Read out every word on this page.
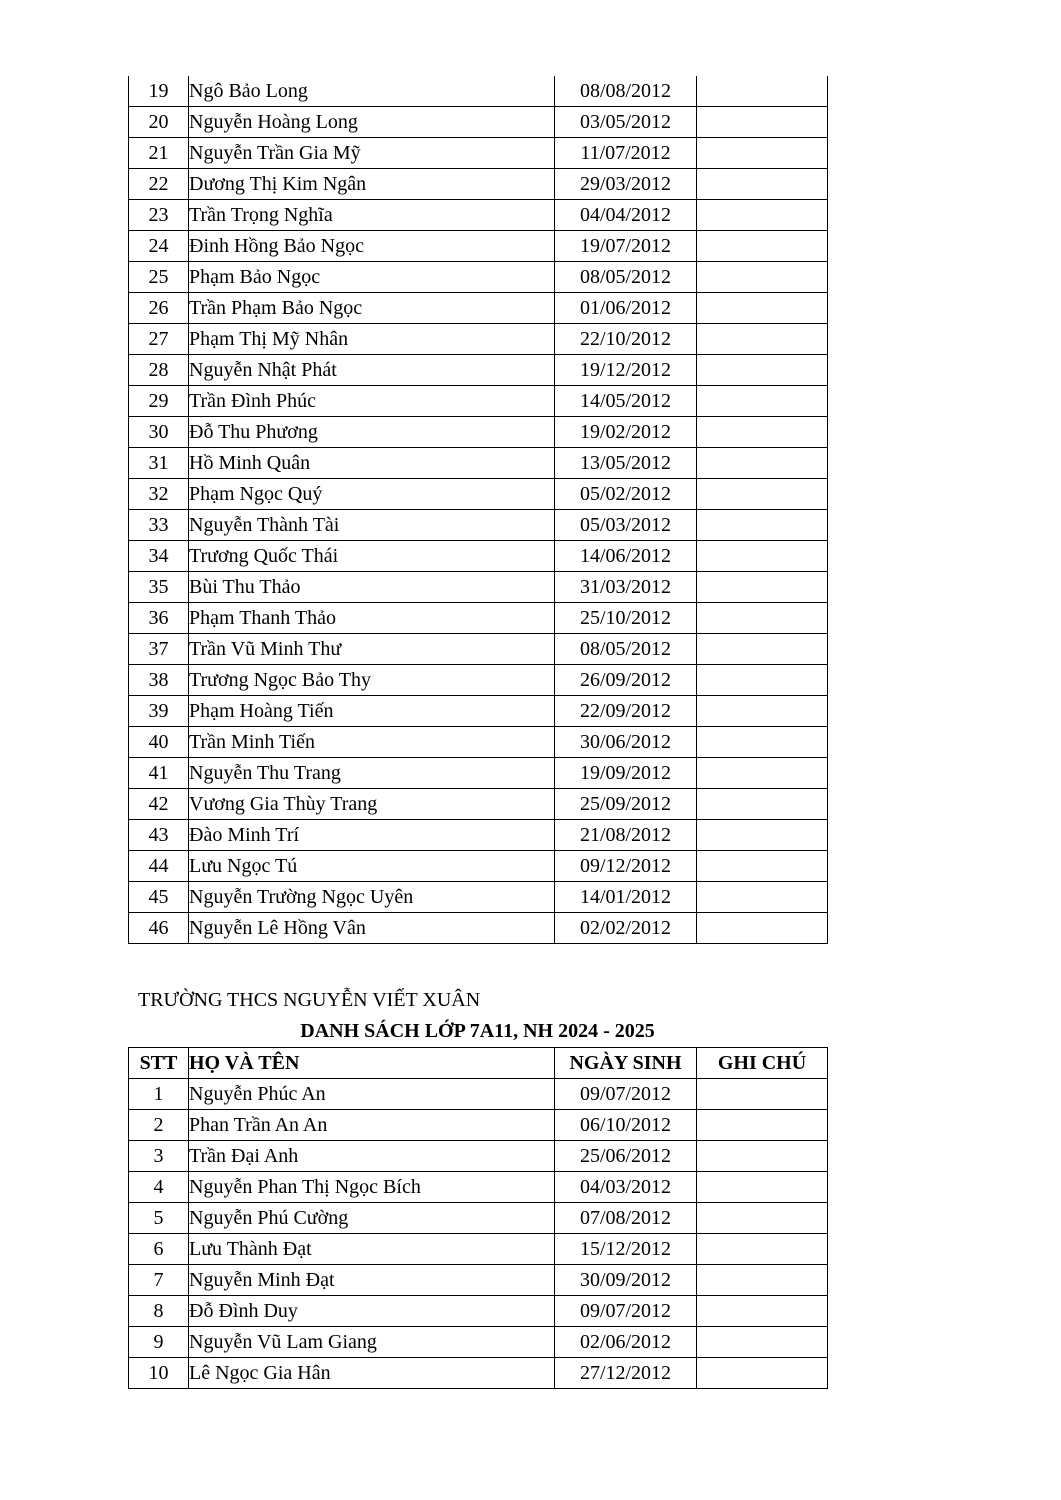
19	Ngô Bảo Long	08/08/2012	
20	Nguyễn Hoàng Long	03/05/2012	
21	Nguyễn Trần Gia Mỹ	11/07/2012	
22	Dương Thị Kim Ngân	29/03/2012	
23	Trần Trọng Nghĩa	04/04/2012	
24	Đinh Hồng Bảo Ngọc	19/07/2012	
25	Phạm Bảo Ngọc	08/05/2012	
26	Trần Phạm Bảo Ngọc	01/06/2012	
27	Phạm Thị Mỹ Nhân	22/10/2012	
28	Nguyễn Nhật Phát	19/12/2012	
29	Trần Đình Phúc	14/05/2012	
30	Đỗ Thu Phương	19/02/2012	
31	Hồ Minh Quân	13/05/2012	
32	Phạm Ngọc Quý	05/02/2012	
33	Nguyễn Thành Tài	05/03/2012	
34	Trương Quốc Thái	14/06/2012	
35	Bùi Thu Thảo	31/03/2012	
36	Phạm Thanh Thảo	25/10/2012	
37	Trần Vũ Minh Thư	08/05/2012	
38	Trương Ngọc Bảo Thy	26/09/2012	
39	Phạm Hoàng Tiến	22/09/2012	
40	Trần Minh Tiến	30/06/2012	
41	Nguyễn Thu Trang	19/09/2012	
42	Vương Gia Thùy Trang	25/09/2012	
43	Đào Minh Trí	21/08/2012	
44	Lưu Ngọc Tú	09/12/2012	
45	Nguyễn Trường Ngọc Uyên	14/01/2012	
46	Nguyễn Lê Hồng Vân	02/02/2012	
TRƯỜNG THCS NGUYỄN VIẾT XUÂN
DANH SÁCH LỚP 7A11, NH 2024 - 2025
STT	HỌ VÀ TÊN	NGÀY SINH	GHI CHÚ
1	Nguyễn Phúc An	09/07/2012	
2	Phan Trần An An	06/10/2012	
3	Trần Đại Anh	25/06/2012	
4	Nguyễn Phan Thị Ngọc Bích	04/03/2012	
5	Nguyễn Phú Cường	07/08/2012	
6	Lưu Thành Đạt	15/12/2012	
7	Nguyễn Minh Đạt	30/09/2012	
8	Đỗ Đình Duy	09/07/2012	
9	Nguyễn Vũ Lam Giang	02/06/2012	
10	Lê Ngọc Gia Hân	27/12/2012	
